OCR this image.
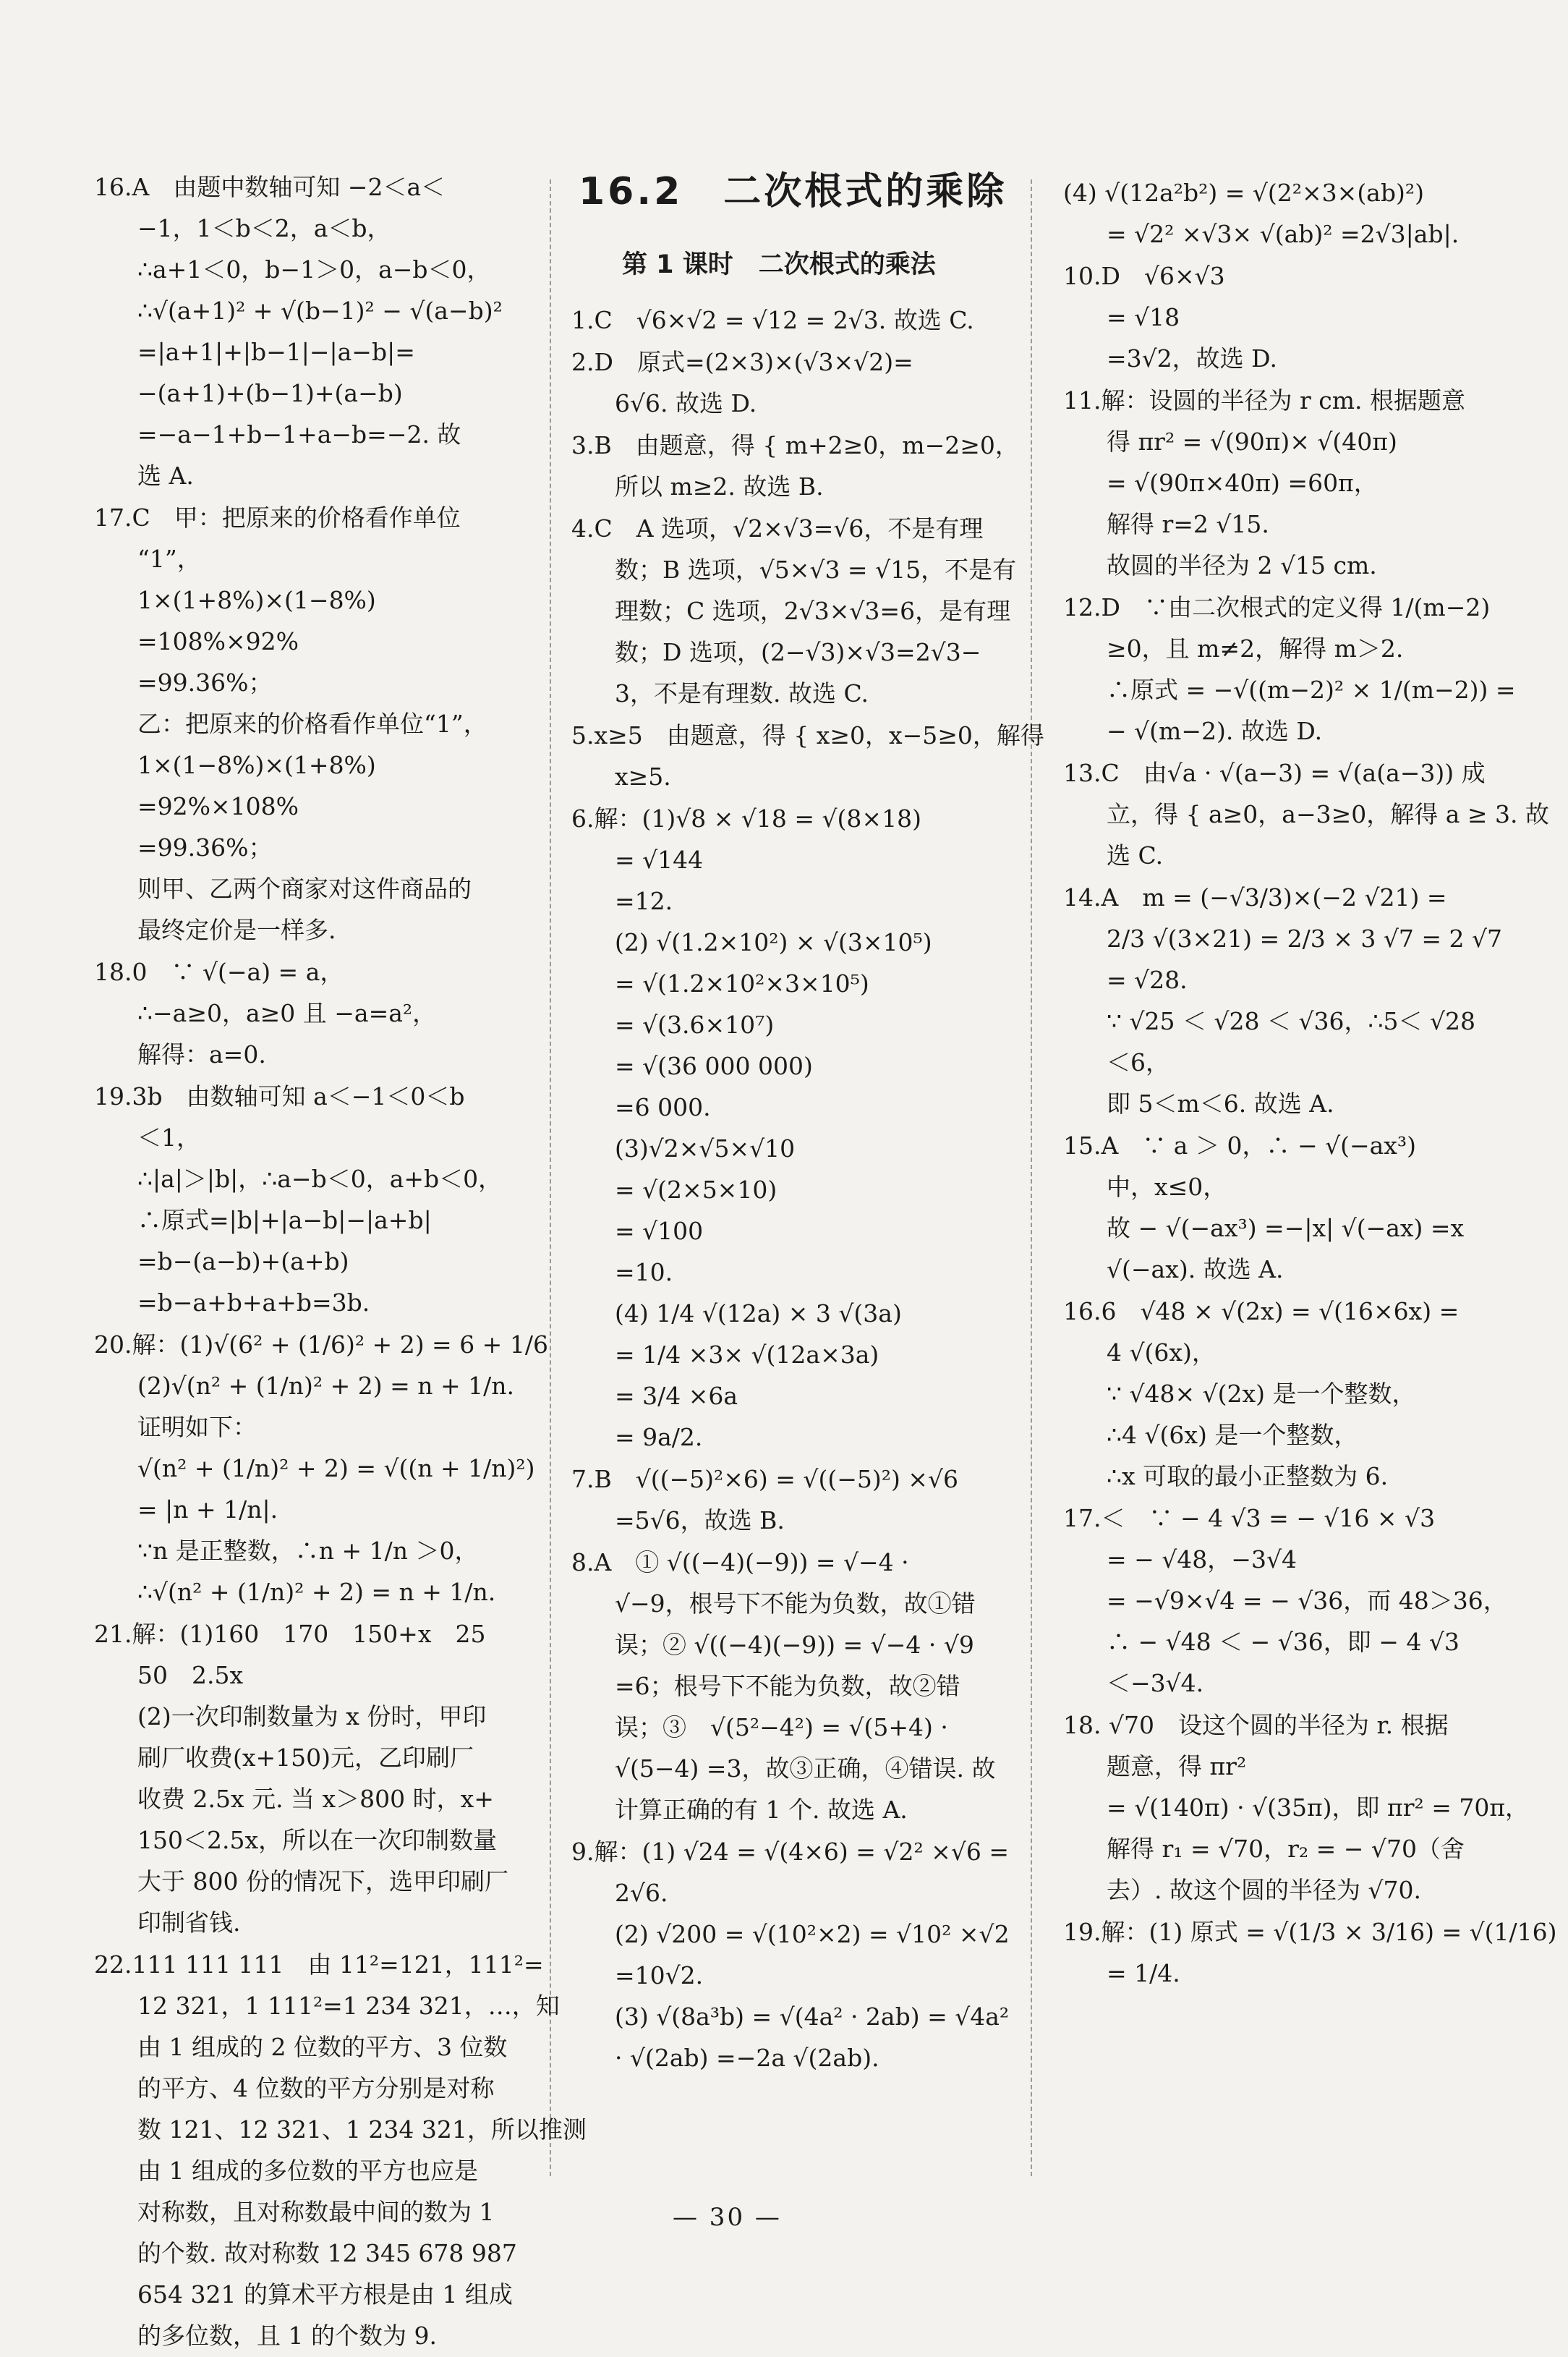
16.A　由题中数轴可知 −2＜a＜

−1，1＜b＜2，a＜b，

∴a+1＜0，b−1＞0，a−b＜0，

∴√(a+1)² + √(b−1)² − √(a−b)²

=|a+1|+|b−1|−|a−b|=

−(a+1)+(b−1)+(a−b)

=−a−1+b−1+a−b=−2. 故

选 A.

17.C　甲：把原来的价格看作单位

“1”，

1×(1+8%)×(1−8%)

=108%×92%

=99.36%；

乙：把原来的价格看作单位“1”，

1×(1−8%)×(1+8%)

=92%×108%

=99.36%；

则甲、乙两个商家对这件商品的

最终定价是一样多.

18.0　∵ √(−a) = a，

∴−a≥0，a≥0 且 −a=a²，

解得：a=0.

19.3b　由数轴可知 a＜−1＜0＜b

＜1，

∴|a|＞|b|，∴a−b＜0，a+b＜0，

∴原式=|b|+|a−b|−|a+b|

=b−(a−b)+(a+b)

=b−a+b+a+b=3b.

20.解：(1)√(6² + (1/6)² + 2) = 6 + 1/6

(2)√(n² + (1/n)² + 2) = n + 1/n.

证明如下：

√(n² + (1/n)² + 2) = √((n + 1/n)²)

= |n + 1/n|.

∵n 是正整数，∴n + 1/n ＞0，

∴√(n² + (1/n)² + 2) = n + 1/n.

21.解：(1)160　170　150+x　25

50　2.5x

(2)一次印制数量为 x 份时，甲印

刷厂收费(x+150)元，乙印刷厂

收费 2.5x 元. 当 x＞800 时，x+

150＜2.5x，所以在一次印制数量

大于 800 份的情况下，选甲印刷厂

印制省钱.

22.111 111 111　由 11²=121，111²=

12 321，1 111²=1 234 321，…，知

由 1 组成的 2 位数的平方、3 位数

的平方、4 位数的平方分别是对称

数 121、12 321、1 234 321，所以推测

由 1 组成的多位数的平方也应是

对称数，且对称数最中间的数为 1

的个数. 故对称数 12 345 678 987

654 321 的算术平方根是由 1 组成

的多位数，且 1 的个数为 9.

16.2　二次根式的乘除
第 1 课时　二次根式的乘法

1.C　√6×√2 = √12 = 2√3. 故选 C.

2.D　原式=(2×3)×(√3×√2)=

6√6. 故选 D.

3.B　由题意，得 { m+2≥0，m−2≥0，

所以 m≥2. 故选 B.

4.C　A 选项，√2×√3=√6，不是有理

数；B 选项，√5×√3 = √15，不是有

理数；C 选项，2√3×√3=6，是有理

数；D 选项，(2−√3)×√3=2√3−

3，不是有理数. 故选 C.

5.x≥5　由题意，得 { x≥0，x−5≥0，解得

x≥5.

6.解：(1)√8 × √18 = √(8×18)

= √144

=12.

(2) √(1.2×10²) × √(3×10⁵)

= √(1.2×10²×3×10⁵)

= √(3.6×10⁷)

= √(36 000 000)

=6 000.

(3)√2×√5×√10

= √(2×5×10)

= √100

=10.

(4) 1/4 √(12a) × 3 √(3a)

= 1/4 ×3× √(12a×3a)

= 3/4 ×6a

= 9a/2.

7.B　√((−5)²×6) = √((−5)²) ×√6

=5√6，故选 B.

8.A　① √((−4)(−9)) = √−4 ·

√−9，根号下不能为负数，故①错

误；② √((−4)(−9)) = √−4 · √9

=6；根号下不能为负数，故②错

误；③　√(5²−4²) = √(5+4) ·

√(5−4) =3，故③正确，④错误. 故

计算正确的有 1 个. 故选 A.

9.解：(1) √24 = √(4×6) = √2² ×√6 =

2√6.

(2) √200 = √(10²×2) = √10² ×√2

=10√2.

(3) √(8a³b) = √(4a² · 2ab) = √4a²

· √(2ab) =−2a √(2ab).

(4) √(12a²b²) = √(2²×3×(ab)²)

= √2² ×√3× √(ab)² =2√3|ab|.

10.D　√6×√3

= √18

=3√2，故选 D.

11.解：设圆的半径为 r cm. 根据题意

得 πr² = √(90π)× √(40π)

= √(90π×40π) =60π，

解得 r=2 √15.

故圆的半径为 2 √15 cm.

12.D　∵由二次根式的定义得 1/(m−2)

≥0，且 m≠2，解得 m＞2.

∴原式 = −√((m−2)² × 1/(m−2)) =

− √(m−2). 故选 D.

13.C　由√a · √(a−3) = √(a(a−3)) 成

立，得 { a≥0，a−3≥0，解得 a ≥ 3. 故

选 C.

14.A　m = (−√3/3)×(−2 √21) =

2/3 √(3×21) = 2/3 × 3 √7 = 2 √7

= √28.

∵ √25 ＜ √28 ＜ √36，∴5＜ √28

＜6，

即 5＜m＜6. 故选 A.

15.A　∵ a ＞ 0，∴ − √(−ax³)

中，x≤0，

故 − √(−ax³) =−|x| √(−ax) =x

√(−ax). 故选 A.

16.6　√48 × √(2x) = √(16×6x) =

4 √(6x)，

∵ √48× √(2x) 是一个整数，

∴4 √(6x) 是一个整数，

∴x 可取的最小正整数为 6.

17.＜　∵ − 4 √3 = − √16 × √3

= − √48，−3√4

= −√9×√4 = − √36，而 48＞36，

∴ − √48 ＜ − √36，即 − 4 √3

＜−3√4.

18. √70　设这个圆的半径为 r. 根据

题意，得 πr²

= √(140π) · √(35π)，即 πr² = 70π，

解得 r₁ = √70，r₂ = − √70（舍

去）. 故这个圆的半径为 √70.

19.解：(1) 原式 = √(1/3 × 3/16) = √(1/16)

= 1/4.

— 30 —
